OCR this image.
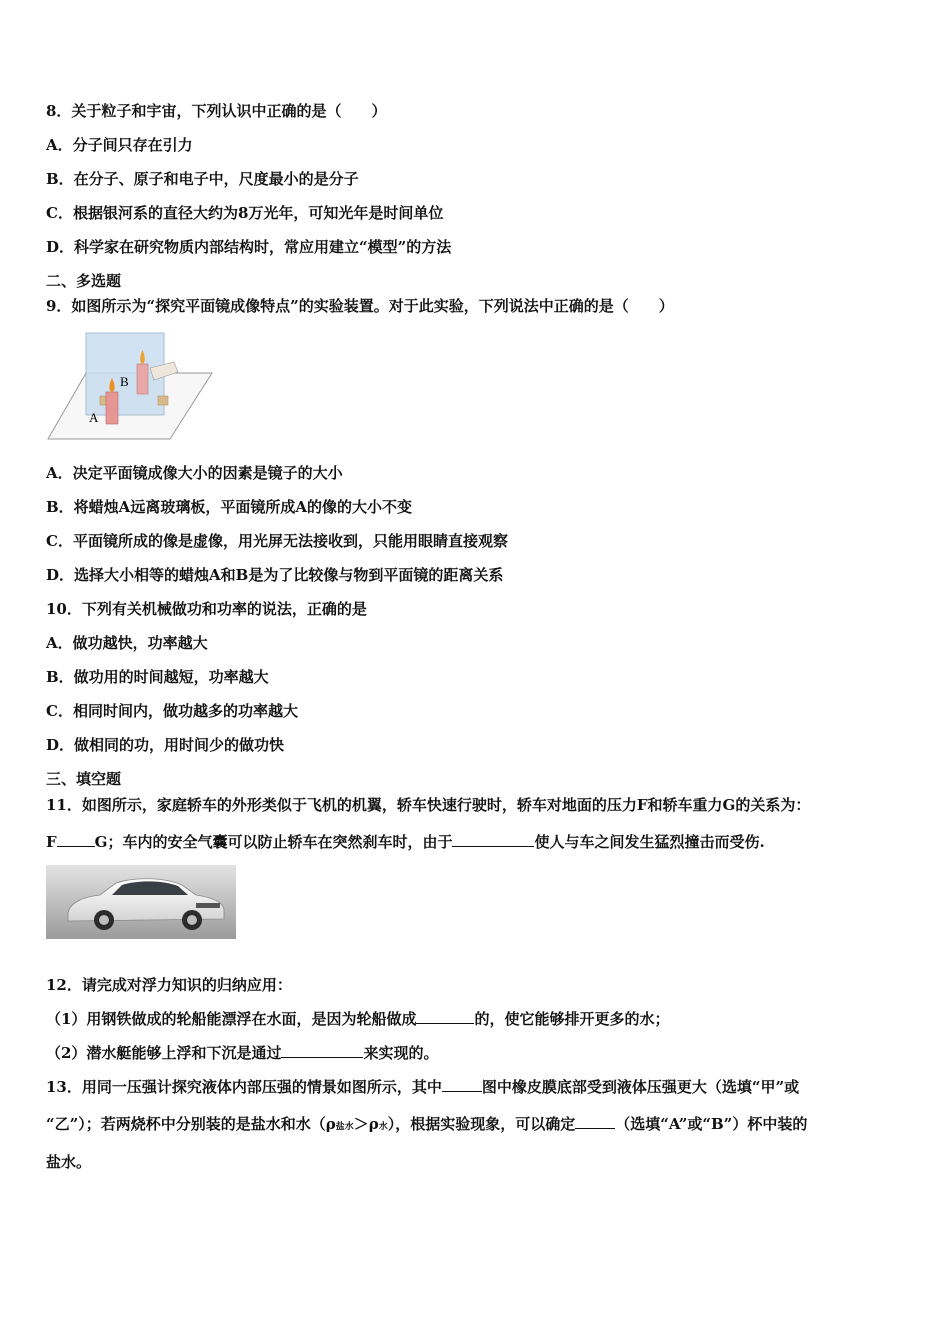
8．关于粒子和宇宙，下列认识中正确的是（　　）
A．分子间只存在引力
B．在分子、原子和电子中，尺度最小的是分子
C．根据银河系的直径大约为8万光年，可知光年是时间单位
D．科学家在研究物质内部结构时，常应用建立“模型”的方法
二、多选题
9．如图所示为“探究平面镜成像特点”的实验装置。对于此实验，下列说法中正确的是（　　）
A
B
A．决定平面镜成像大小的因素是镜子的大小
B．将蜡烛A远离玻璃板，平面镜所成A的像的大小不变
C．平面镜所成的像是虚像，用光屏无法接收到，只能用眼睛直接观察
D．选择大小相等的蜡烛A和B是为了比较像与物到平面镜的距离关系
10．下列有关机械做功和功率的说法，正确的是
A．做功越快，功率越大
B．做功用的时间越短，功率越大
C．相同时间内，做功越多的功率越大
D．做相同的功，用时间少的做功快
三、填空题
11．如图所示，家庭轿车的外形类似于飞机的机翼，轿车快速行驶时，轿车对地面的压力F和轿车重力G的关系为：
F	G；车内的安全气囊可以防止轿车在突然刹车时，由于	使人与车之间发生猛烈撞击而受伤.
12．请完成对浮力知识的归纳应用：
（1）用钢铁做成的轮船能漂浮在水面，是因为轮船做成	的，使它能够排开更多的水；
（2）潜水艇能够上浮和下沉是通过	来实现的。
13．用同一压强计探究液体内部压强的情景如图所示，其中	图中橡皮膜底部受到液体压强更大（选填“甲”或
“乙”）；若两烧杯中分别装的是盐水和水（ρ盐水＞ρ水），根据实验现象，可以确定	（选填“A”或“B”）杯中装的
盐水。
